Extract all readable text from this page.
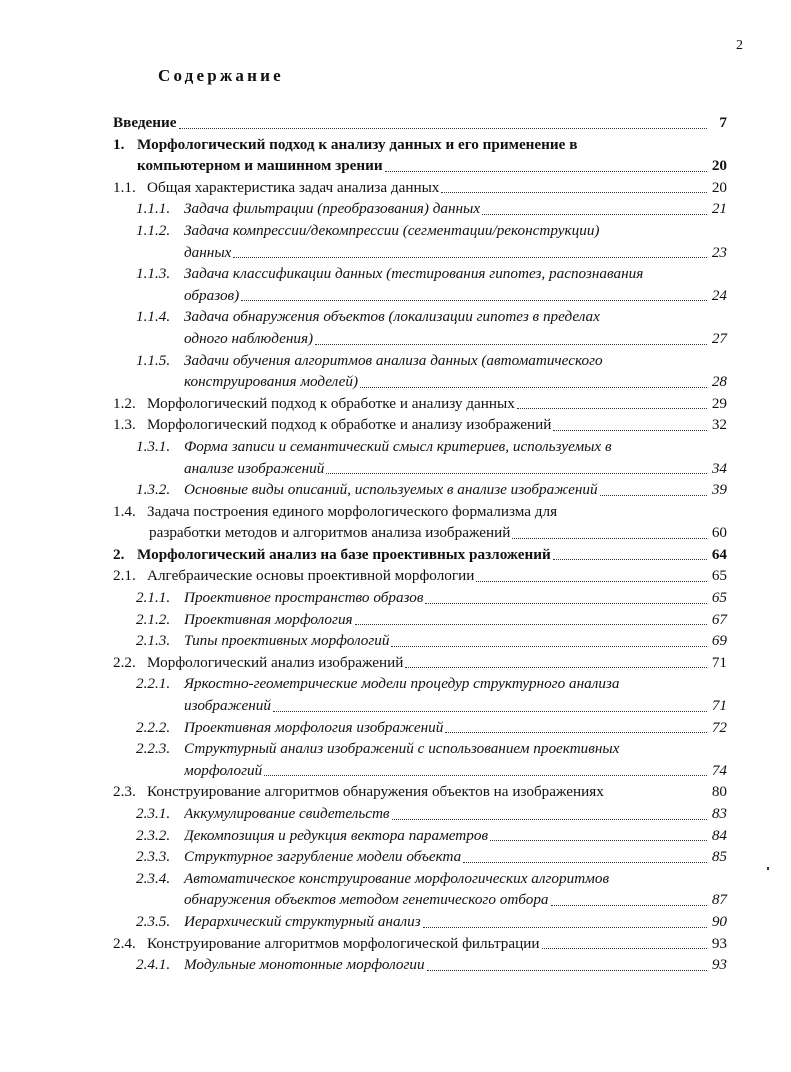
2
Содержание
Введение	7
1. Морфологический подход к анализу данных и его применение в
компьютерном и машинном зрении	20
1.1. Общая характеристика задач анализа данных	20
1.1.1. Задача фильтрации (преобразования) данных	21
1.1.2. Задача компрессии/декомпрессии (сегментации/реконструкции)
данных	23
1.1.3. Задача классификации данных (тестирования гипотез, распознавания
образов)	24
1.1.4. Задача обнаружения объектов (локализации гипотез в пределах
одного наблюдения)	27
1.1.5. Задачи обучения алгоритмов анализа данных (автоматического
конструирования моделей)	28
1.2. Морфологический подход к обработке и анализу данных	29
1.3. Морфологический подход к обработке и анализу изображений	32
1.3.1. Форма записи и семантический смысл критериев, используемых в
анализе изображений	34
1.3.2. Основные виды описаний, используемых в анализе изображений	39
1.4. Задача построения единого морфологического формализма для
разработки методов и алгоритмов анализа изображений	60
2. Морфологический анализ на базе проективных разложений	64
2.1. Алгебраические основы проективной морфологии	65
2.1.1. Проективное пространство образов	65
2.1.2. Проективная морфология	67
2.1.3. Типы проективных морфологий	69
2.2. Морфологический анализ изображений	71
2.2.1. Яркостно-геометрические модели процедур структурного анализа
изображений	71
2.2.2. Проективная морфология изображений	72
2.2.3. Структурный анализ изображений с использованием проективных
морфологий	74
2.3. Конструирование алгоритмов обнаружения объектов на изображениях	80
2.3.1. Аккумулирование свидетельств	83
2.3.2. Декомпозиция и редукция вектора параметров	84
2.3.3. Структурное загрубление модели объекта	85
2.3.4. Автоматическое конструирование морфологических алгоритмов
обнаружения объектов методом генетического отбора	87
2.3.5. Иерархический структурный анализ	90
2.4. Конструирование алгоритмов морфологической фильтрации	93
2.4.1. Модульные монотонные морфологии	93
